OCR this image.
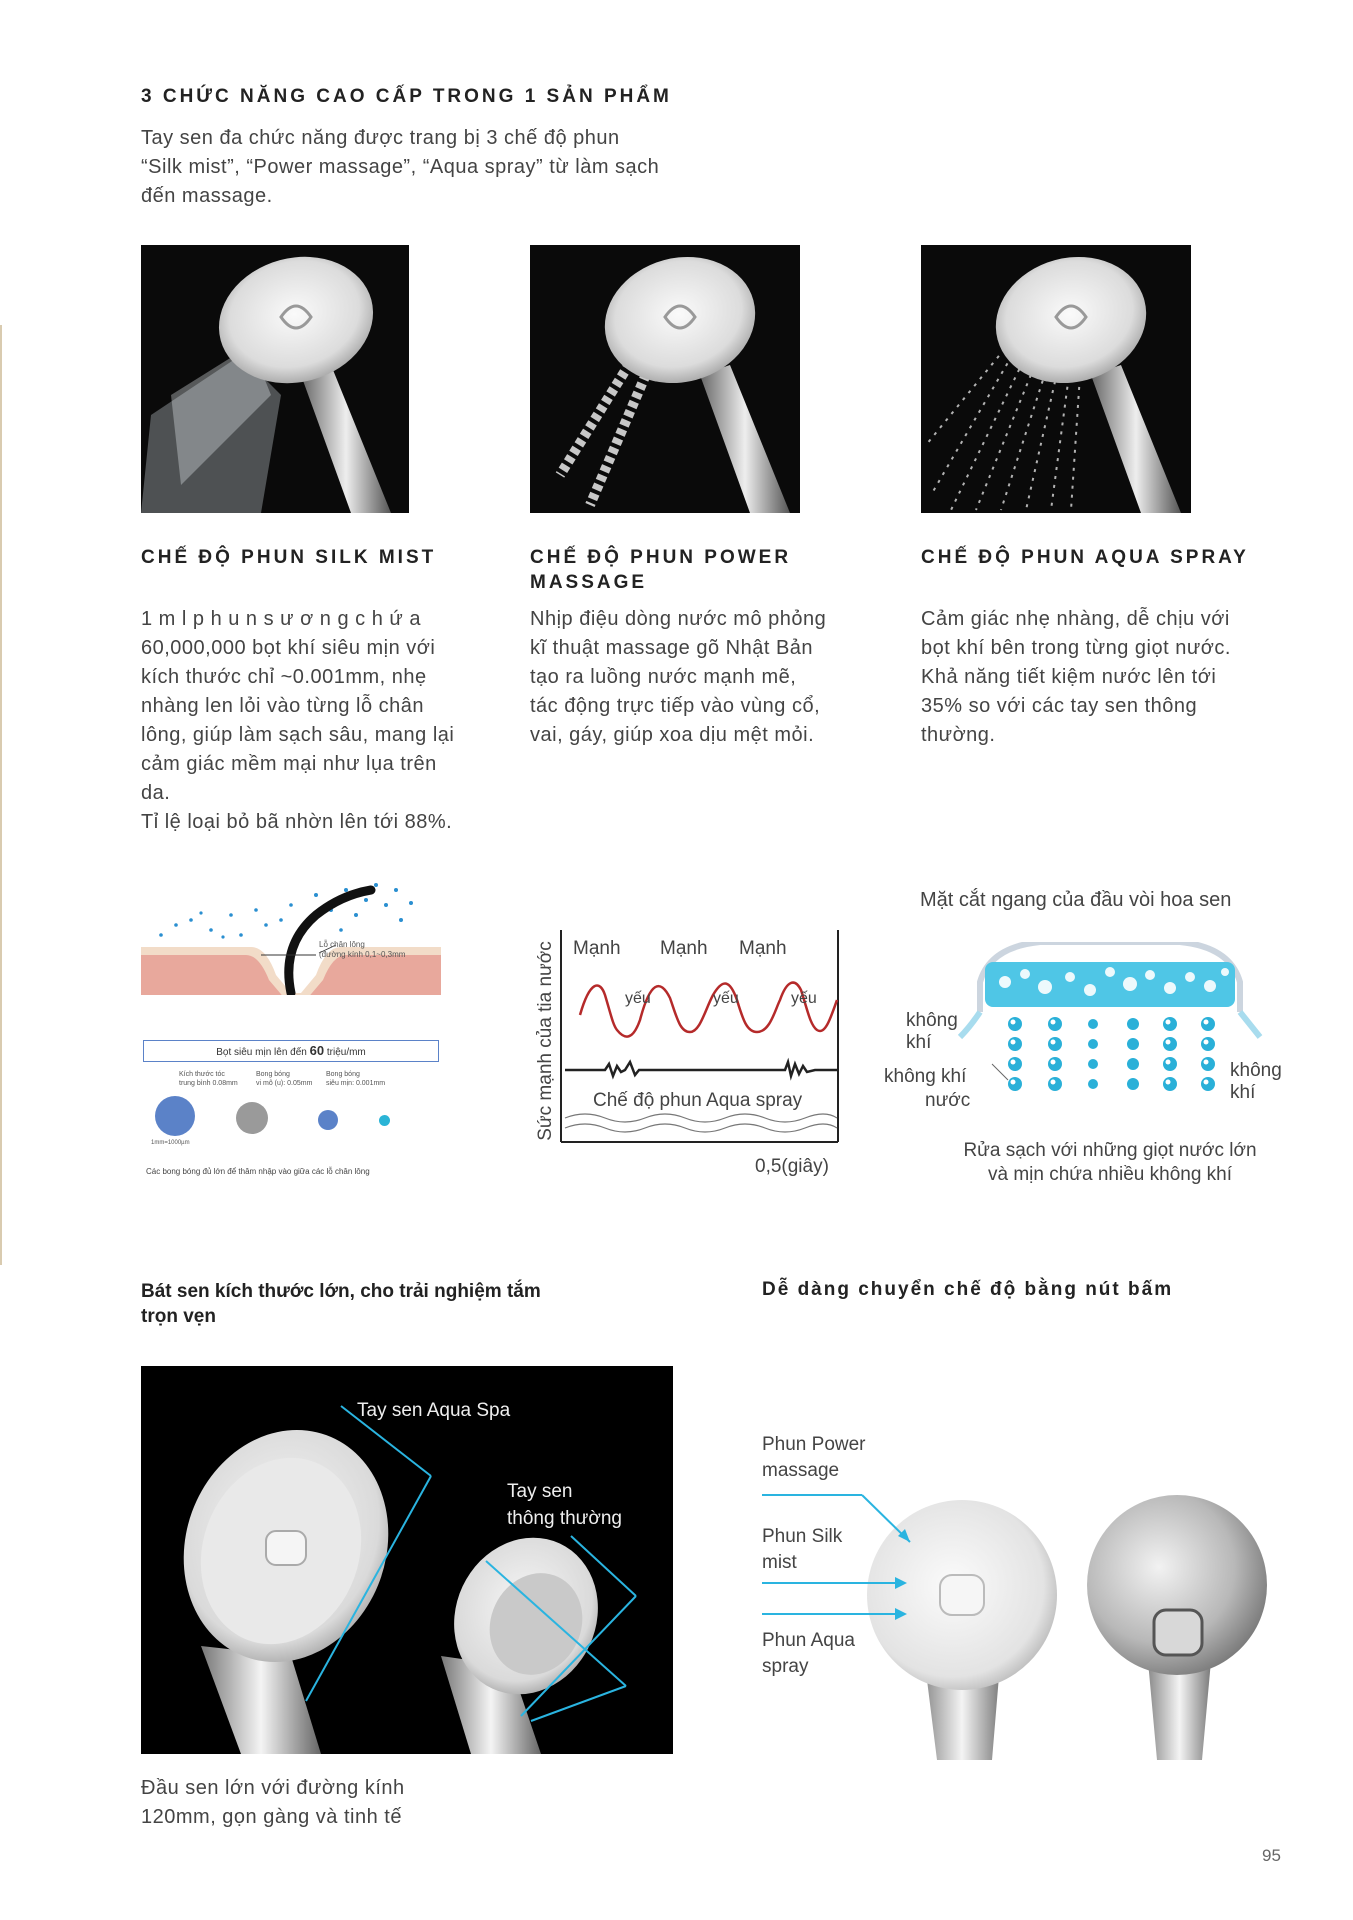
3 CHỨC NĂNG CAO CẤP TRONG 1 SẢN PHẨM
Tay sen đa chức năng được trang bị 3 chế độ phun “Silk mist”, “Power massage”, “Aqua spray” từ làm sạch đến massage.
CHẾ ĐỘ PHUN SILK MIST	CHẾ ĐỘ PHUN POWER MASSAGE
CHẾ ĐỘ PHUN AQUA SPRAY
1 m l p h u n s ư ơ n g c h ứ a 60,000,000 bọt khí siêu mịn với kích thước chỉ ~0.001mm, nhẹ nhàng len lỏi vào từng lỗ chân lông, giúp làm sạch sâu, mang lại cảm giác mềm mại như lụa trên da.
Tỉ lệ loại bỏ bã nhờn lên tới 88%.
Nhịp điệu dòng nước mô phỏng kĩ thuật massage gõ Nhật Bản tạo ra luồng nước mạnh mẽ, tác động trực tiếp vào vùng cổ, vai, gáy, giúp xoa dịu mệt mỏi.
Cảm giác nhẹ nhàng, dễ chịu với bọt khí bên trong từng giọt nước.
Khả năng tiết kiệm nước lên tới 35% so với các tay sen thông thường.
Lỗ chân lông
(đường kính 0,1~0,3mm
Bọt siêu mịn lên đến 60 triệu/mm
Kích thước tóc
trung bình 0.08mm
Bong bóng
vi mô (u): 0.05mm
Bong bóng
siêu mịn: 0.001mm
1mm=1000µm
Các bong bóng đủ lớn để thâm nhập vào giữa các lỗ chân lông
Sức mạnh của tia nước Mạnh Mạnh Mạnh
yếu	yếu	yếu
Chế độ phun Aqua spray
0,5(giây)
Mặt cắt ngang của đầu vòi hoa sen
không khí
không khí
nước
không khí
Rửa sạch với những giọt nước lớn
và mịn chứa nhiều không khí
Bát sen kích thước lớn, cho trải nghiệm tắm trọn vẹn
Tay sen Aqua Spa
Tay sen
thông thường
Đầu sen lớn với đường kính 120mm, gọn gàng và tinh tế
Dễ dàng chuyển chế độ bằng nút bấm
Phun Power
massage
Phun Silk
mist
Phun Aqua
spray
95
